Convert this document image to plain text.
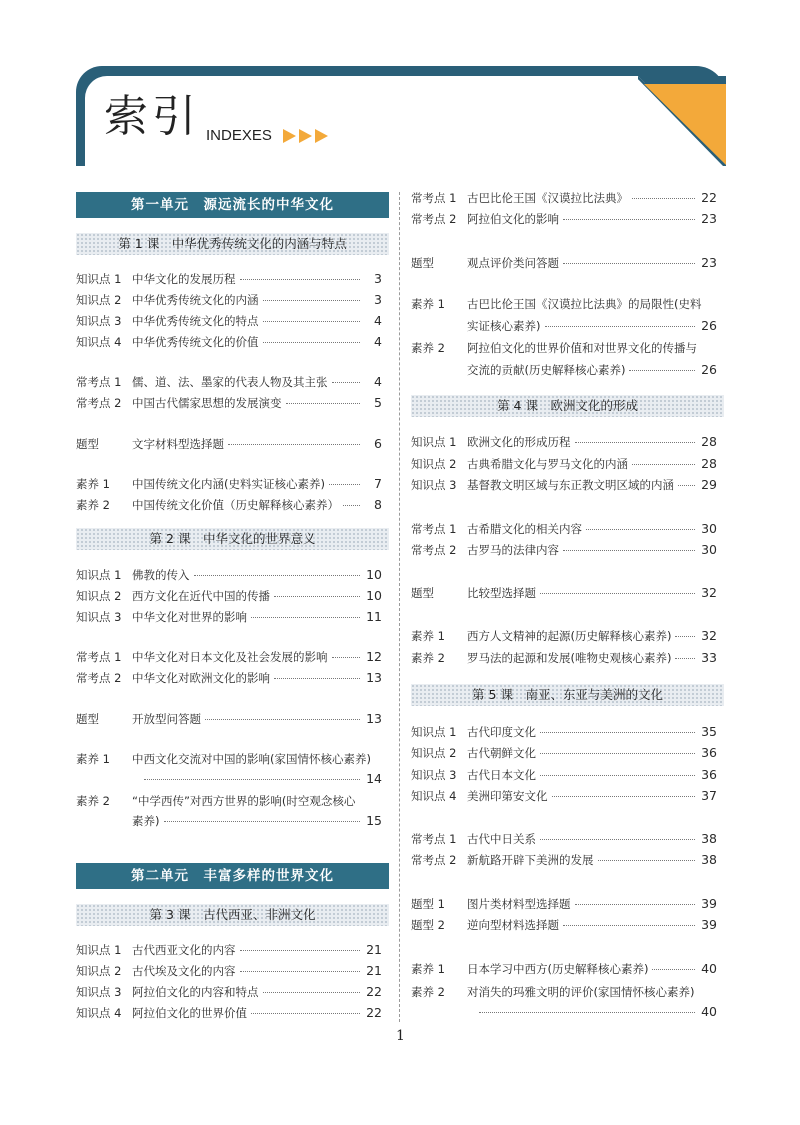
索引 INDEXES
第一单元　源远流长的中华文化
第 1 课　中华优秀传统文化的内涵与特点
知识点 1 中华文化的发展历程	3
知识点 2 中华优秀传统文化的内涵	3
知识点 3 中华优秀传统文化的特点	4
知识点 4 中华优秀传统文化的价值	4
常考点 1 儒、道、法、墨家的代表人物及其主张	4
常考点 2 中国古代儒家思想的发展演变	5
题型	文字材料型选择题	6
素养 1	中国传统文化内涵(史料实证核心素养)	7
素养 2	中国传统文化价值（历史解释核心素养）	8
知识点 1 佛教的传入	10
知识点 2 西方文化在近代中国的传播	10
知识点 3 中华文化对世界的影响	11
常考点 1 中华文化对日本文化及社会发展的影响	12
常考点 2 中华文化对欧洲文化的影响	13
题型	开放型问答题	13
第 2 课　中华文化的世界意义
素养 1 中西文化交流对中国的影响(家国情怀核心素养)
14
素养 2 “中学西传”对西方世界的影响(时空观念核心
素养)	15
第二单元　丰富多样的世界文化
第 3 课　古代西亚、非洲文化
知识点 1 古代西亚文化的内容	21
知识点 2 古代埃及文化的内容	21
知识点 3 阿拉伯文化的内容和特点	22
知识点 4 阿拉伯文化的世界价值	22
常考点 1 古巴比伦王国《汉谟拉比法典》	22
常考点 2 阿拉伯文化的影响	23
题型	观点评价类问答题	23
素养 1 古巴比伦王国《汉谟拉比法典》的局限性(史料
实证核心素养)	26
素养 2 阿拉伯文化的世界价值和对世界文化的传播与
交流的贡献(历史解释核心素养)	26
第 4 课　欧洲文化的形成
知识点 1 欧洲文化的形成历程	28
知识点 2 古典希腊文化与罗马文化的内涵	28
知识点 3 基督教文明区域与东正教文明区域的内涵 29
常考点 1 古希腊文化的相关内容	30
常考点 2 古罗马的法律内容	30
题型	比较型选择题	32
素养 1	西方人文精神的起源(历史解释核心素养) 32
素养 2	罗马法的起源和发展(唯物史观核心素养) 33
第 5 课　南亚、东亚与美洲的文化
知识点 1 古代印度文化	35
知识点 2 古代朝鲜文化	36
知识点 3 古代日本文化	36
知识点 4 美洲印第安文化	37
常考点 1 古代中日关系	38
常考点 2 新航路开辟下美洲的发展	38
题型 1	图片类材料型选择题	39
题型 2	逆向型材料选择题	39
素养 1	日本学习中西方(历史解释核心素养)	40
素养 2 对消失的玛雅文明的评价(家国情怀核心素养)
40
1
